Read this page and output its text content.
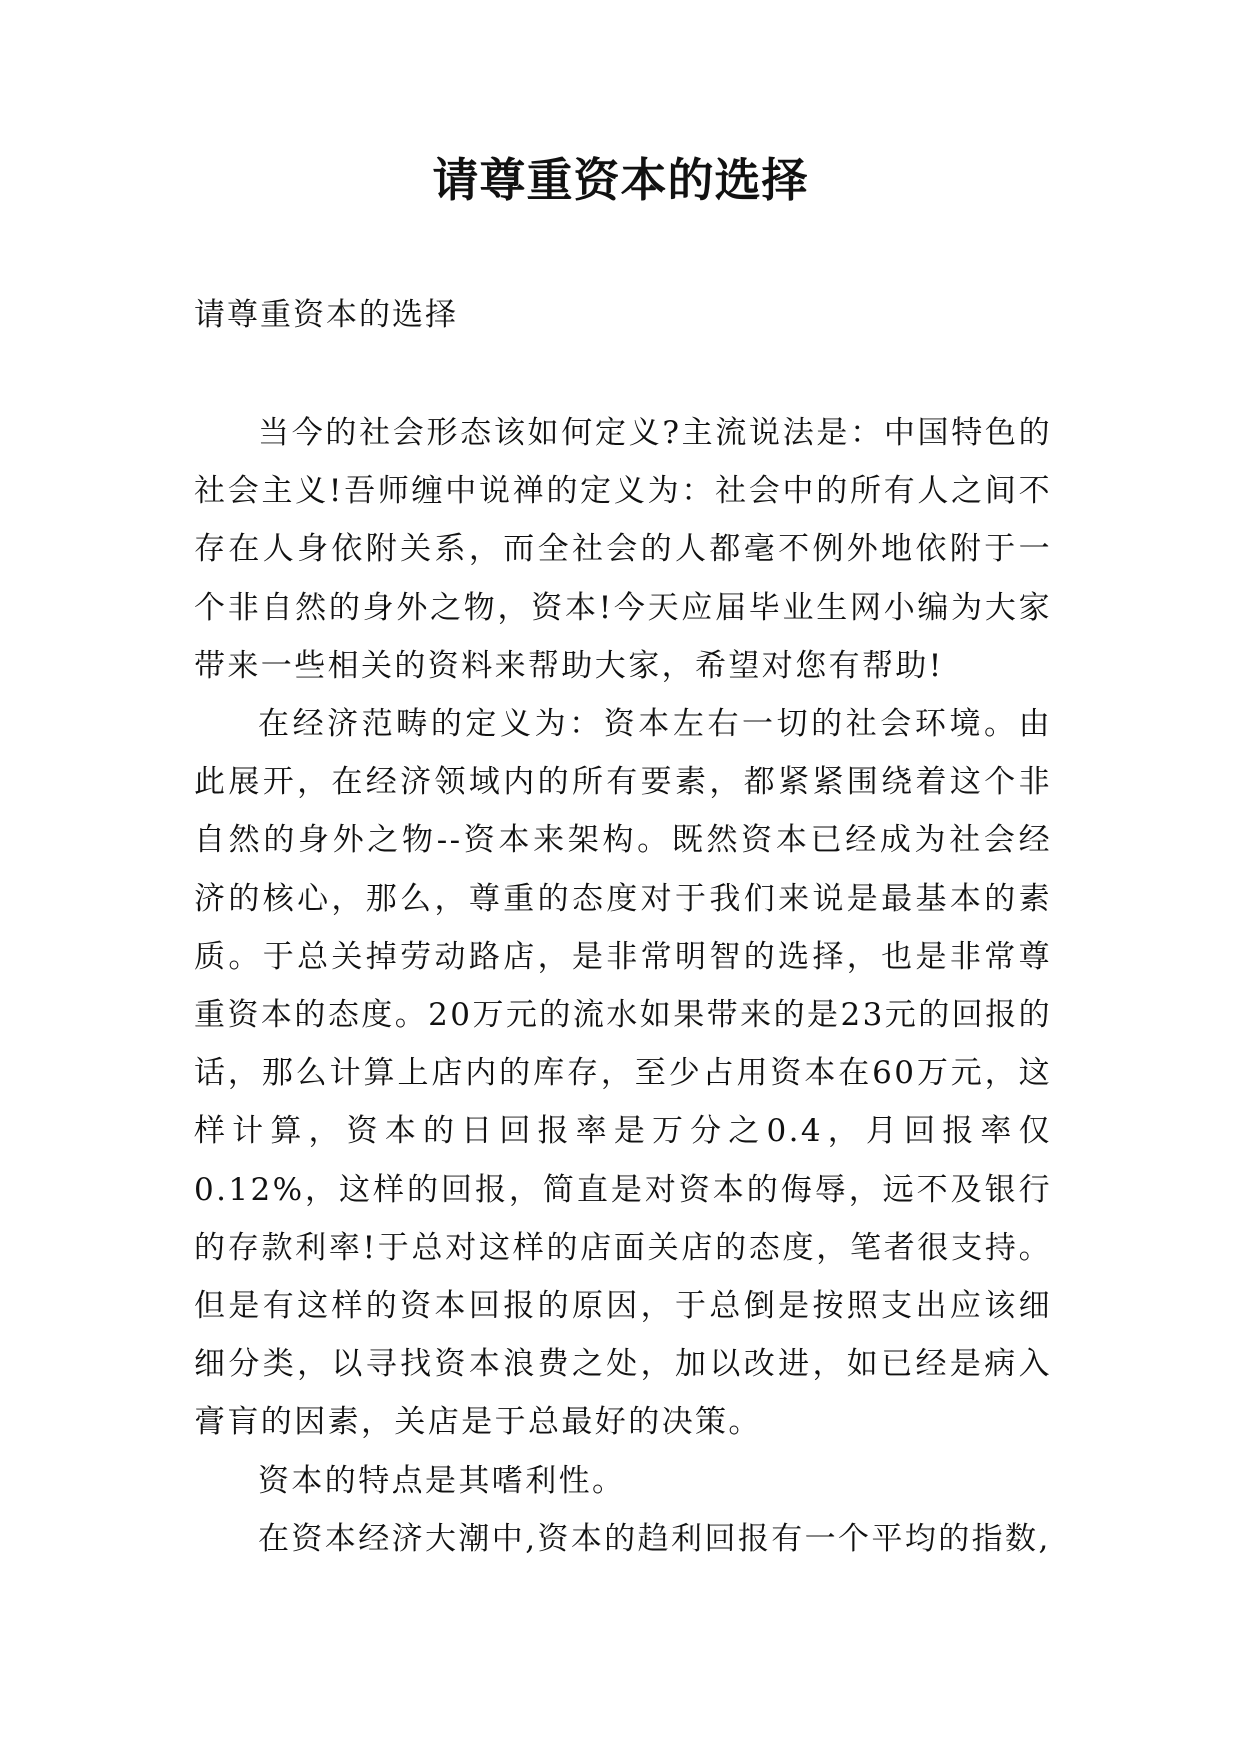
请尊重资本的选择

请尊重资本的选择

当今的社会形态该如何定义?主流说法是：中国特色的社会主义!吾师缠中说禅的定义为：社会中的所有人之间不存在人身依附关系，而全社会的人都毫不例外地依附于一个非自然的身外之物，资本!今天应届毕业生网小编为大家带来一些相关的资料来帮助大家，希望对您有帮助!

在经济范畴的定义为：资本左右一切的社会环境。由此展开，在经济领域内的所有要素，都紧紧围绕着这个非自然的身外之物--资本来架构。既然资本已经成为社会经济的核心，那么，尊重的态度对于我们来说是最基本的素质。于总关掉劳动路店，是非常明智的选择，也是非常尊重资本的态度。20万元的流水如果带来的是23元的回报的话，那么计算上店内的库存，至少占用资本在60万元，这样计算，资本的日回报率是万分之0.4，月回报率仅0.12%，这样的回报，简直是对资本的侮辱，远不及银行的存款利率!于总对这样的店面关店的态度，笔者很支持。但是有这样的资本回报的原因，于总倒是按照支出应该细细分类，以寻找资本浪费之处，加以改进，如已经是病入膏肓的因素，关店是于总最好的决策。

资本的特点是其嗜利性。

在资本经济大潮中,资本的趋利回报有一个平均的指数,
